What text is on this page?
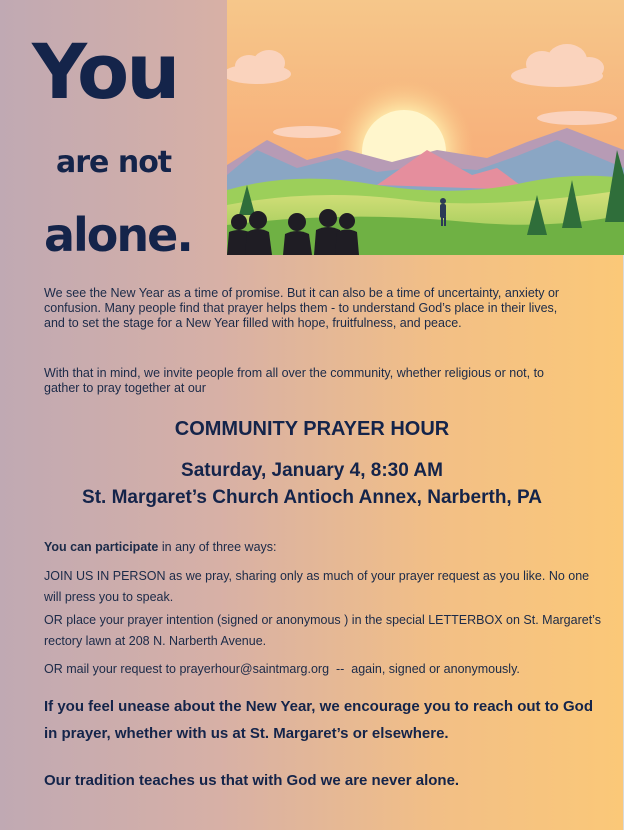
You
are not
alone.

We see the New Year as a time of promise. But it can also be a time of uncertainty, anxiety or confusion. Many people find that prayer helps them - to understand God’s place in their lives, and to set the stage for a New Year filled with hope, fruitfulness, and peace.

With that in mind, we invite people from all over the community, whether religious or not, to gather to pray together at our

COMMUNITY PRAYER HOUR

Saturday, January 4, 8:30 AM

St. Margaret’s Church Antioch Annex, Narberth, PA

You can participate in any of three ways:

JOIN US IN PERSON as we pray, sharing only as much of your prayer request as you like. No one will press you to speak.

OR place your prayer intention (signed or anonymous ) in the special LETTERBOX on St. Margaret’s rectory lawn at 208 N. Narberth Avenue.

OR mail your request to prayerhour@saintmarg.org  --  again, signed or anonymously.

If you feel unease about the New Year, we encourage you to reach out to God in prayer, whether with us at St. Margaret’s or elsewhere.

Our tradition teaches us that with God we are never alone.
